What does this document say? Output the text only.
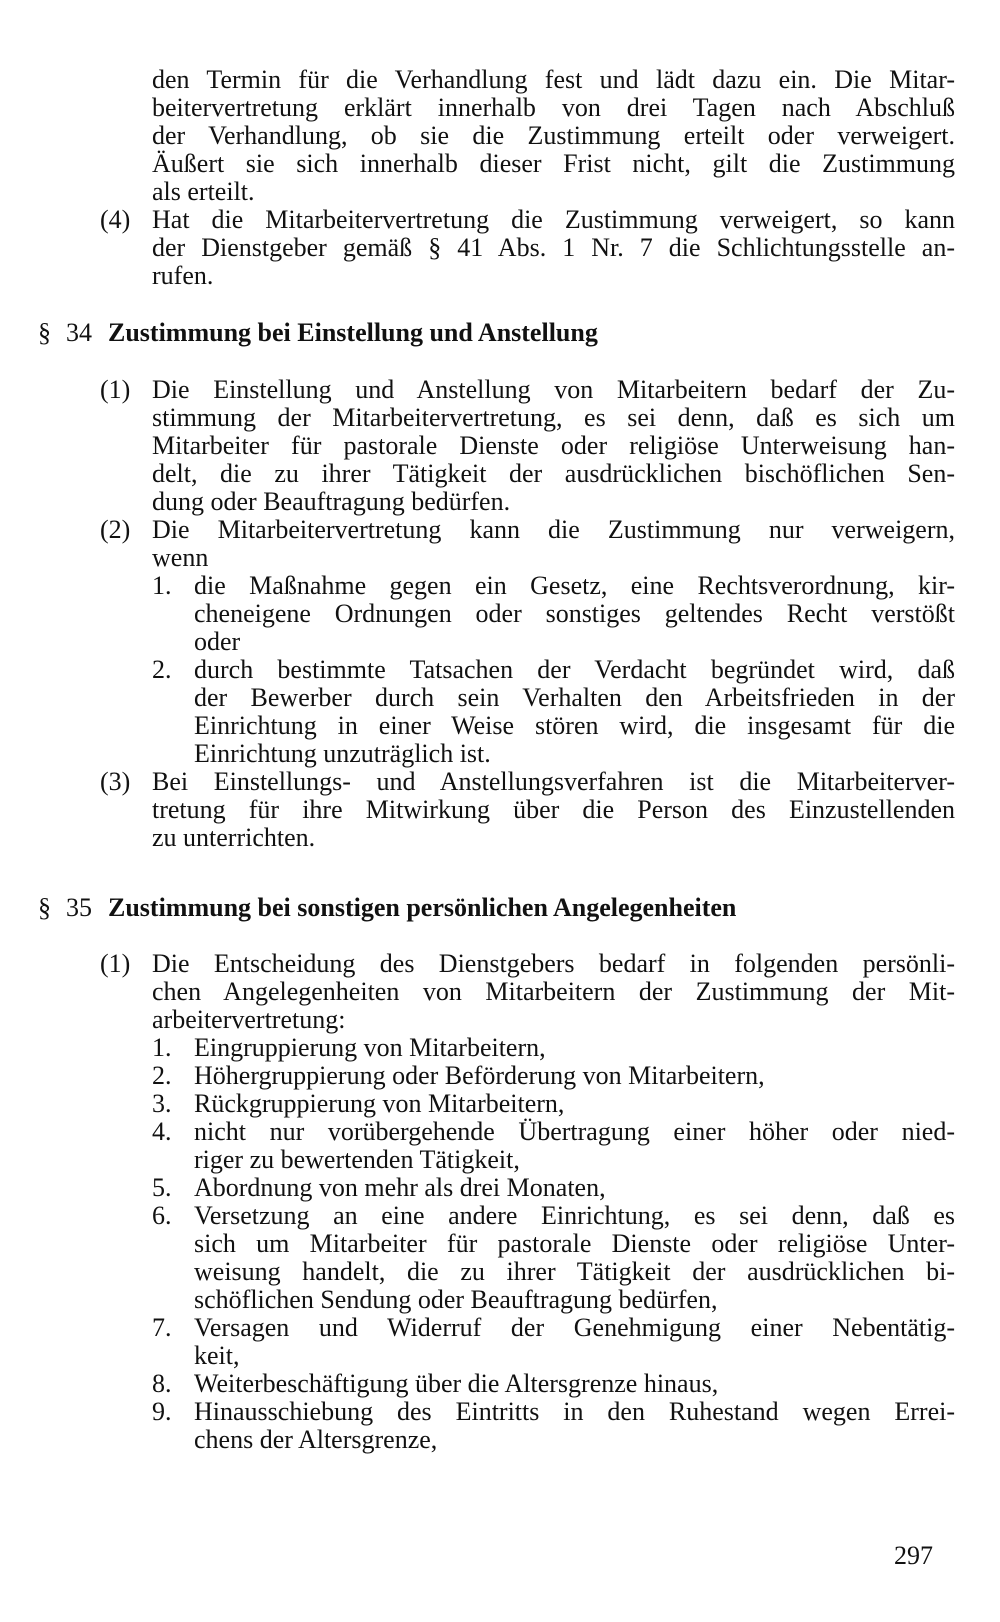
den Termin für die Verhandlung fest und lädt dazu ein. Die Mitar-
beitervertretung erklärt innerhalb von drei Tagen nach Abschluß
der Verhandlung, ob sie die Zustimmung erteilt oder verweigert.
Äußert sie sich innerhalb dieser Frist nicht, gilt die Zustimmung
als erteilt.
(4) Hat die Mitarbeitervertretung die Zustimmung verweigert, so kann
der Dienstgeber gemäß § 41 Abs. 1 Nr. 7 die Schlichtungsstelle an-
rufen.
§ 34 Zustimmung bei Einstellung und Anstellung
(1) Die Einstellung und Anstellung von Mitarbeitern bedarf der Zu-
stimmung der Mitarbeitervertretung, es sei denn, daß es sich um
Mitarbeiter für pastorale Dienste oder religiöse Unterweisung han-
delt, die zu ihrer Tätigkeit der ausdrücklichen bischöflichen Sen-
dung oder Beauftragung bedürfen.
(2) Die Mitarbeitervertretung kann die Zustimmung nur verweigern,
wenn
1. die Maßnahme gegen ein Gesetz, eine Rechtsverordnung, kir-
cheneigene Ordnungen oder sonstiges geltendes Recht verstößt
oder
2. durch bestimmte Tatsachen der Verdacht begründet wird, daß
der Bewerber durch sein Verhalten den Arbeitsfrieden in der
Einrichtung in einer Weise stören wird, die insgesamt für die
Einrichtung unzuträglich ist.
(3) Bei Einstellungs- und Anstellungsverfahren ist die Mitarbeiterver-
tretung für ihre Mitwirkung über die Person des Einzustellenden
zu unterrichten.
§ 35 Zustimmung bei sonstigen persönlichen Angelegenheiten
(1) Die Entscheidung des Dienstgebers bedarf in folgenden persönli-
chen Angelegenheiten von Mitarbeitern der Zustimmung der Mit-
arbeitervertretung:
1. Eingruppierung von Mitarbeitern,
2. Höhergruppierung oder Beförderung von Mitarbeitern,
3. Rückgruppierung von Mitarbeitern,
4. nicht nur vorübergehende Übertragung einer höher oder nied-
riger zu bewertenden Tätigkeit,
5. Abordnung von mehr als drei Monaten,
6. Versetzung an eine andere Einrichtung, es sei denn, daß es
sich um Mitarbeiter für pastorale Dienste oder religiöse Unter-
weisung handelt, die zu ihrer Tätigkeit der ausdrücklichen bi-
schöflichen Sendung oder Beauftragung bedürfen,
7. Versagen und Widerruf der Genehmigung einer Nebentätig-
keit,
8. Weiterbeschäftigung über die Altersgrenze hinaus,
9. Hinausschiebung des Eintritts in den Ruhestand wegen Errei-
chens der Altersgrenze,
297
